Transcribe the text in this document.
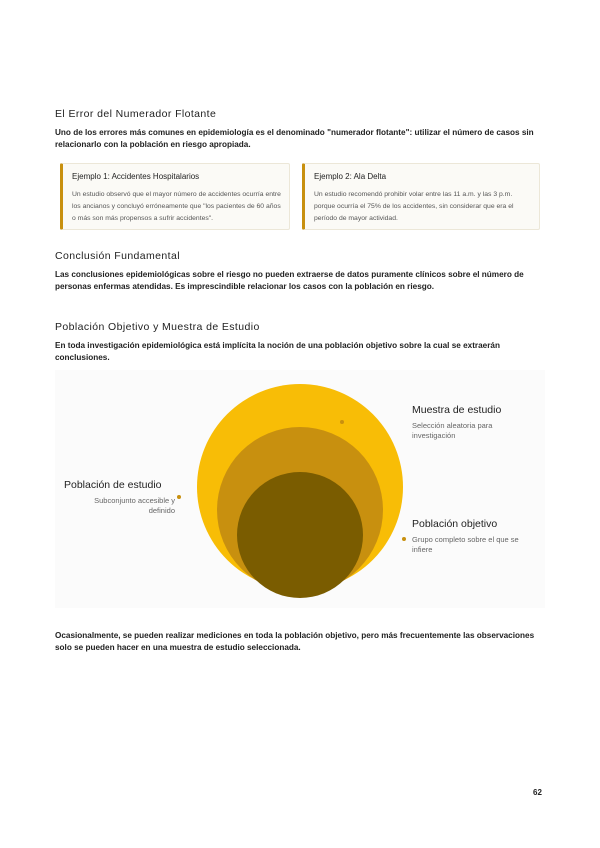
El Error del Numerador Flotante
Uno de los errores más comunes en epidemiología es el denominado "numerador flotante": utilizar el número de casos sin relacionarlo con la población en riesgo apropiada.
Ejemplo 1: Accidentes Hospitalarios
Un estudio observó que el mayor número de accidentes ocurría entre los ancianos y concluyó erróneamente que "los pacientes de 60 años o más son más propensos a sufrir accidentes".
Ejemplo 2: Ala Delta
Un estudio recomendó prohibir volar entre las 11 a.m. y las 3 p.m. porque ocurría el 75% de los accidentes, sin considerar que era el período de mayor actividad.
Conclusión Fundamental
Las conclusiones epidemiológicas sobre el riesgo no pueden extraerse de datos puramente clínicos sobre el número de personas enfermas atendidas. Es imprescindible relacionar los casos con la población en riesgo.
Población Objetivo y Muestra de Estudio
En toda investigación epidemiológica está implícita la noción de una población objetivo sobre la cual se extraerán conclusiones.
Muestra de estudio
Selección aleatoria para investigación
Población de estudio
Subconjunto accesible y definido
Población objetivo
Grupo completo sobre el que se infiere
Ocasionalmente, se pueden realizar mediciones en toda la población objetivo, pero más frecuentemente las observaciones solo se pueden hacer en una muestra de estudio seleccionada.
62
